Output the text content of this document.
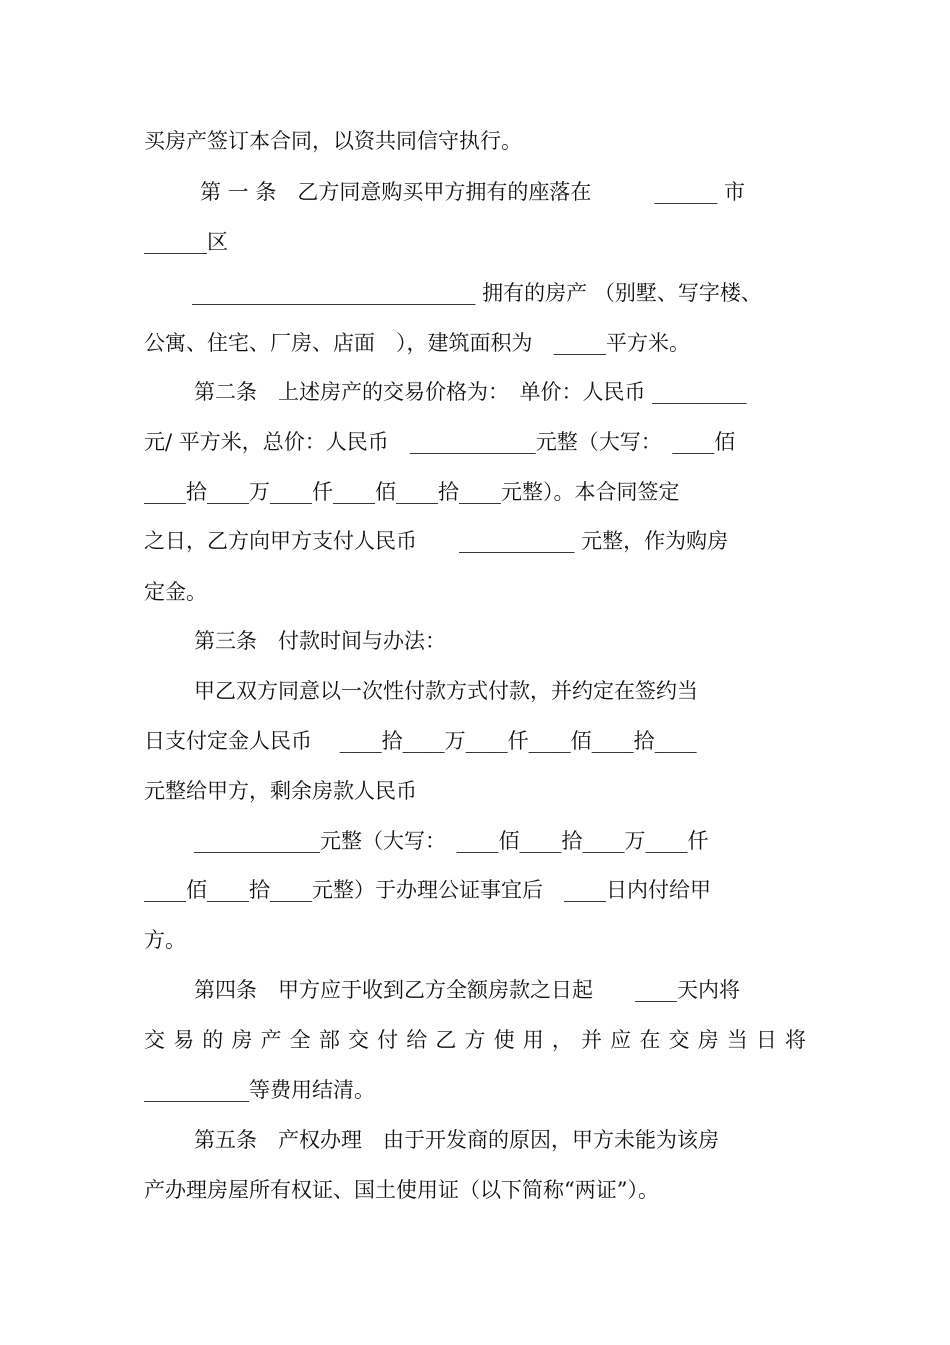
买房产签订本合同，以资共同信守执行。

第 一 条　乙方同意购买甲方拥有的座落在　　　______ 市

______区

___________________________ 拥有的房产 （别墅、写字楼、

公寓、住宅、厂房、店面　），建筑面积为　_____平方米。

第二条　上述房产的交易价格为：　单价：人民币 _________

元/ 平方米，总价：人民币　____________元整（大写：　____佰

____拾____万____仟____佰____拾____元整）。本合同签定

之日，乙方向甲方支付人民币　　___________ 元整，作为购房

定金。

第三条　付款时间与办法：

甲乙双方同意以一次性付款方式付款，并约定在签约当

日支付定金人民币　 ____拾____万____仟____佰____拾____

元整给甲方，剩余房款人民币

____________元整（大写：　____佰____拾____万____仟

____佰____拾____元整）于办理公证事宜后　____日内付给甲

方。

第四条　甲方应于收到乙方全额房款之日起　　____天内将

交 易 的 房 产 全 部 交 付 给 乙 方 使 用 ， 并 应 在 交 房 当 日 将

__________等费用结清。

第五条　产权办理　由于开发商的原因，甲方未能为该房

产办理房屋所有权证、国土使用证（以下简称“两证”）。
